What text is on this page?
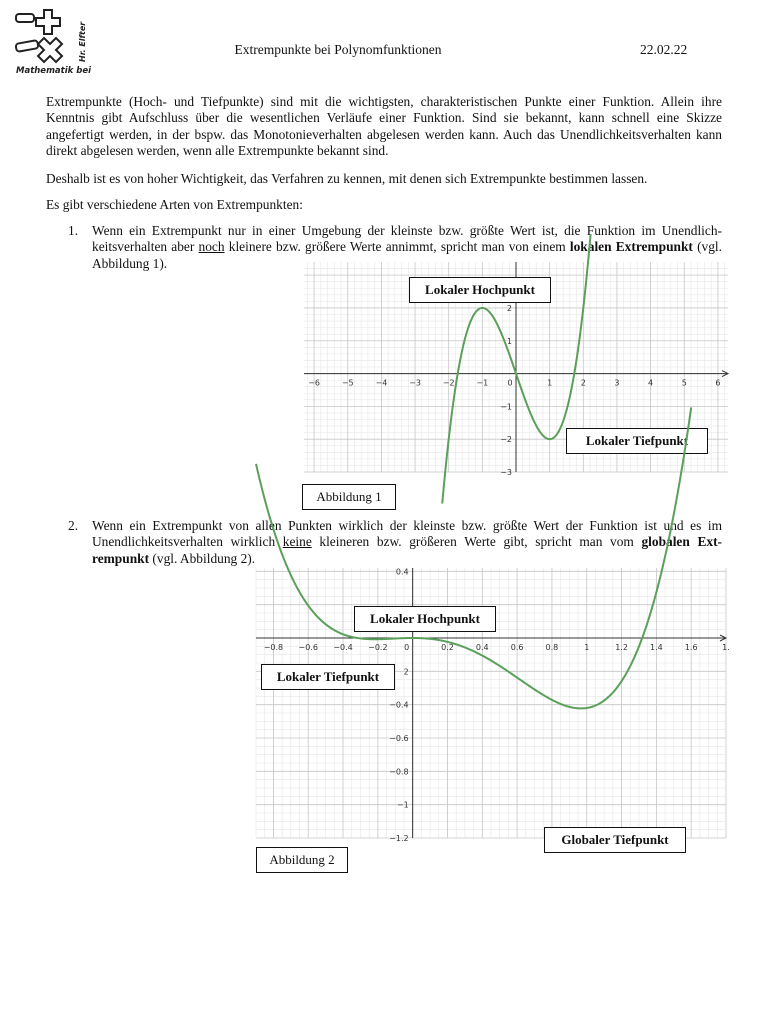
Mathematik bei
Hr. Elfter	Extrempunkte bei Polynomfunktionen	22.02.22
Extrempunkte (Hoch- und Tiefpunkte) sind mit die wichtigsten, charakteristischen Punkte einer Funktion. Allein ihre Kenntnis gibt Aufschluss über die wesentlichen Verläufe einer Funktion. Sind sie bekannt, kann schnell eine Skizze angefertigt werden, in der bspw. das Monotonieverhalten abgelesen werden kann. Auch das Unendlichkeitsverhalten kann direkt abgelesen werden, wenn alle Extrempunkte bekannt sind.
Deshalb ist es von hoher Wichtigkeit, das Verfahren zu kennen, mit denen sich Extrempunkte bestimmen lassen.
Es gibt verschiedene Arten von Extrempunkten:
1. Wenn ein Extrempunkt nur in einer Umgebung der kleinste bzw. größte Wert ist, die Funktion im Unendlich-keitsverhalten aber noch kleinere bzw. größere Werte annimmt, spricht man von einem lokalen Extrempunkt (vgl. Abbildung 1).
−6	−5	−4	−3	−2	−1 0	1	2	3	4	5	6
2
1
−1
−2
−3
Lokaler Hochpunkt
Lokaler Tiefpunkt
Abbildung 1
2. Wenn ein Extrempunkt von allen Punkten wirklich der kleinste bzw. größte Wert der Funktion ist und es im Unendlichkeitsverhalten wirklich keine kleineren bzw. größeren Werte gibt, spricht man vom globalen Ext-rempunkt (vgl. Abbildung 2).
−0.8 −0.6 −0.4 −0.2 0	0.2	0.4	0.6	0.8	1	1.2	1.4	1.6	1.
0.4
2
−0.4
−0.6
−0.8
−1
−1.2
Lokaler Hochpunkt
Lokaler Tiefpunkt
Globaler Tiefpunkt
Abbildung 2
